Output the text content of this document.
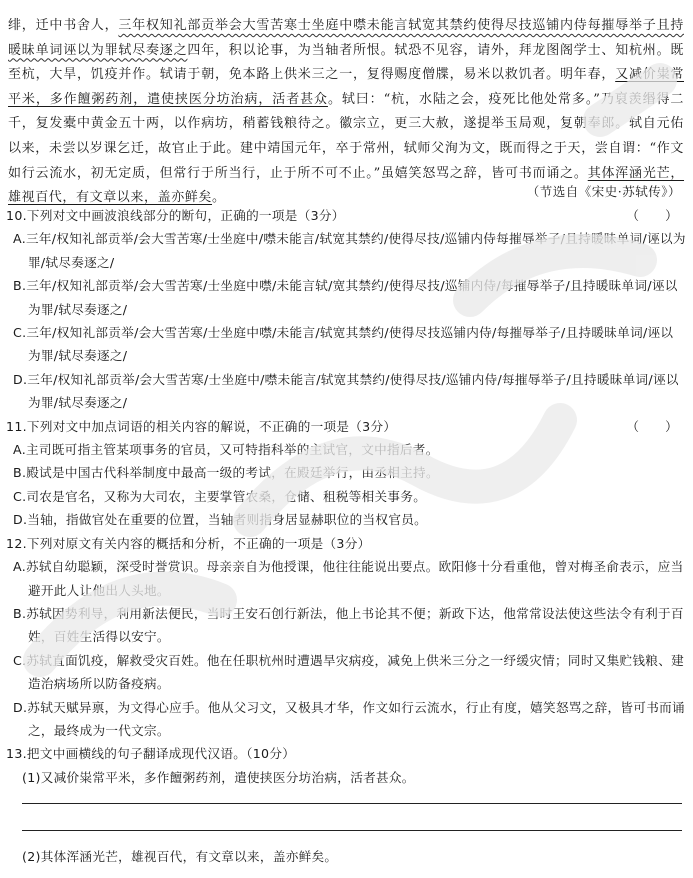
绯，迁中书舍人，三年权知礼部贡举会大雪苦寒士坐庭中噤未能言轼宽其禁约使得尽技巡铺内侍每摧辱举子且持暖昧单词诬以为罪轼尽奏逐之四年，积以论事，为当轴者所恨。轼恐不见容，请外，拜龙图阁学士、知杭州。既至杭，大旱，饥疫并作。轼请于朝，免本路上供米三之一，复得赐度僧牒，易米以救饥者。明年春，又减价粜常平米，多作饘粥药剂，遣使挟医分坊治病，活者甚众。轼曰：“杭，水陆之会，疫死比他处常多。”乃裒羡缗得二千，复发橐中黄金五十两，以作病坊，稍蓄钱粮待之。徽宗立，更三大赦，遂提举玉局观，复朝奉郎。轼自元佑以来，未尝以岁课乞迁，故官止于此。建中靖国元年，卒于常州，轼师父洵为文，既而得之于天，尝自谓：“作文如行云流水，初无定质，但常行于所当行，止于所不可不止。”虽嬉笑怒骂之辞，皆可书而诵之。其体浑涵光芒，雄视百代，有文章以来，盖亦鲜矣。	（节选自《宋史·苏轼传》）
10.下列对文中画波浪线部分的断句，正确的一项是（3分）	（　　）
A.三年/权知礼部贡举/会大雪苦寒/士坐庭中/噤未能言/轼宽其禁约/使得尽技/巡铺内侍每摧辱举子/且持暖昧单词/诬以为罪/轼尽奏逐之/
B.三年/权知礼部贡举/会大雪苦寒/士坐庭中噤/未能言轼/宽其禁约/使得尽技/巡铺内侍/每摧辱举子/且持暖昧单词/诬以为罪/轼尽奏逐之/
C.三年/权知礼部贡举/会大雪苦寒/士坐庭中噤/未能言/轼宽其禁约/使得尽技巡铺内侍/每摧辱举子/且持暖昧单词/诬以为罪/轼尽奏逐之/
D.三年/权知礼部贡举/会大雪苦寒/士坐庭中/噤未能言/轼宽其禁约/使得尽技/巡铺内侍/每摧辱举子/且持暖昧单词/诬以为罪/轼尽奏逐之/
11.下列对文中加点词语的相关内容的解说，不正确的一项是（3分）	（　　）
A.主司既可指主管某项事务的官员，又可特指科举的主试官，文中指后者。
B.殿试是中国古代科举制度中最高一级的考试，在殿廷举行，由丞相主持。
C.司农是官名，又称为大司农，主要掌管农桑，仓储、租税等相关事务。
D.当轴，指做官处在重要的位置，当轴者则指身居显赫职位的当权官员。
12.下列对原文有关内容的概括和分析，不正确的一项是（3分）
A.苏轼自幼聪颖，深受时誉赏识。母亲亲自为他授课，他往往能说出要点。欧阳修十分看重他，曾对梅圣俞表示，应当避开此人让他出人头地。
B.苏轼因势利导，利用新法便民，当时王安石创行新法，他上书论其不便；新政下达，他常常设法使这些法令有利于百姓，百姓生活得以安宁。
C.苏轼直面饥疫，解救受灾百姓。他在任职杭州时遭遇旱灾病疫，减免上供米三分之一纾缓灾情；同时又集贮钱粮、建造治病场所以防备疫病。
D.苏轼天赋异禀，为文得心应手。他从父习文，又极具才华，作文如行云流水，行止有度，嬉笑怒骂之辞，皆可书而诵之，最终成为一代文宗。
13.把文中画横线的句子翻译成现代汉语。（10分）
(1)又减价粜常平米，多作饘粥药剂，遣使挟医分坊治病，活者甚众。
(2)其体浑涵光芒，雄视百代，有文章以来，盖亦鲜矣。
